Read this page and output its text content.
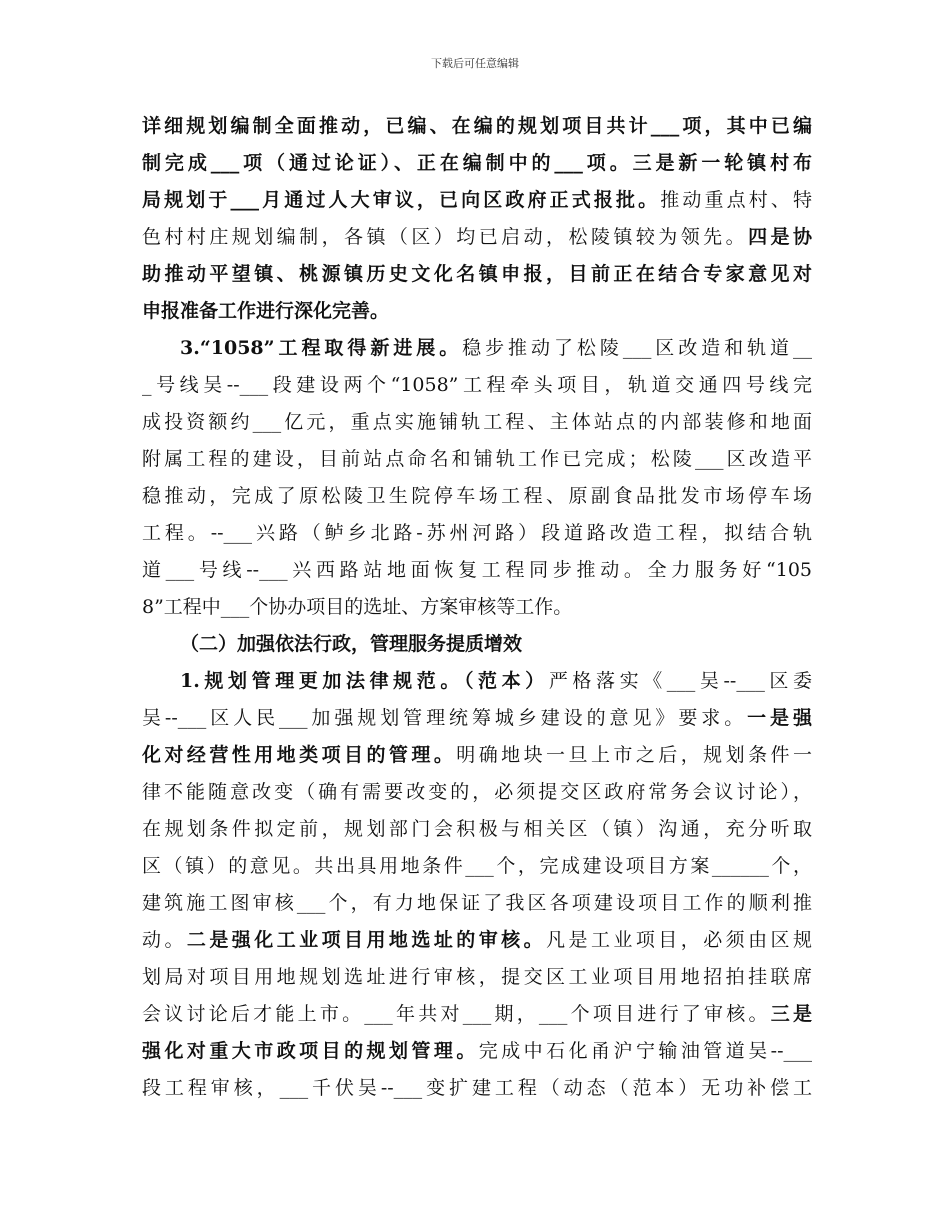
下载后可任意编辑
详细规划编制全面推动，已编、在编的规划项目共计___项，其中已编
制完成___项（通过论证）、正在编制中的___项。三是新一轮镇村布
局规划于___月通过人大审议，已向区政府正式报批。推动重点村、特
色村村庄规划编制，各镇（区）均已启动，松陵镇较为领先。四是协
助推动平望镇、桃源镇历史文化名镇申报，目前正在结合专家意见对
申报准备工作进行深化完善。
3.“1058”工程取得新进展。稳步推动了松陵___区改造和轨道__
_号线吴--___段建设两个“1058”工程牵头项目，轨道交通四号线完
成投资额约___亿元，重点实施铺轨工程、主体站点的内部装修和地面
附属工程的建设，目前站点命名和铺轨工作已完成；松陵___区改造平
稳推动，完成了原松陵卫生院停车场工程、原副食品批发市场停车场
工程。--___兴路（鲈乡北路-苏州河路）段道路改造工程，拟结合轨
道___号线--___兴西路站地面恢复工程同步推动。全力服务好“105
8”工程中___个协办项目的选址、方案审核等工作。
（二）加强依法行政，管理服务提质增效
1.规划管理更加法律规范。（范本）严格落实《___吴--___区委
吴--___区人民___加强规划管理统筹城乡建设的意见》要求。一是强
化对经营性用地类项目的管理。明确地块一旦上市之后，规划条件一
律不能随意改变（确有需要改变的，必须提交区政府常务会议讨论），
在规划条件拟定前，规划部门会积极与相关区（镇）沟通，充分听取
区（镇）的意见。共出具用地条件___个，完成建设项目方案______个，
建筑施工图审核___个，有力地保证了我区各项建设项目工作的顺利推
动。二是强化工业项目用地选址的审核。凡是工业项目，必须由区规
划局对项目用地规划选址进行审核，提交区工业项目用地招拍挂联席
会议讨论后才能上市。___年共对___期，___个项目进行了审核。三是
强化对重大市政项目的规划管理。完成中石化甬沪宁输油管道吴--___
段工程审核，___千伏吴--___变扩建工程（动态（范本）无功补偿工
